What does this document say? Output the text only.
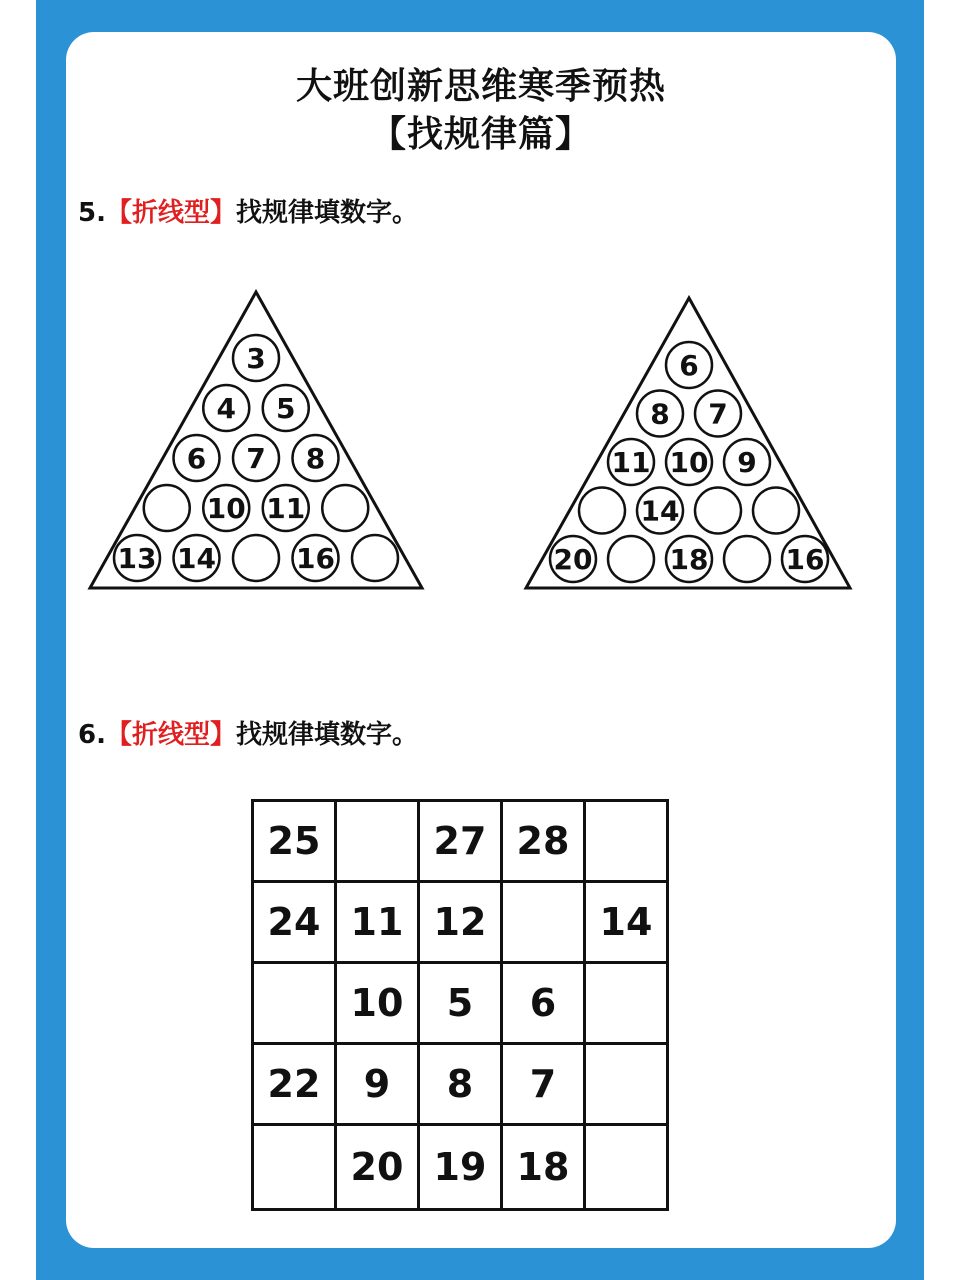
大班创新思维寒季预热
【找规律篇】
5.【折线型】找规律填数字。
3
4 5
6 7 8
10 11
13 14	16
6
8 7
11 10 9
14
20	18	16
6.【折线型】找规律填数字。
25		27	28	
24	11	12		14
	10	5	6	
22	9	8	7	
	20	19	18	
